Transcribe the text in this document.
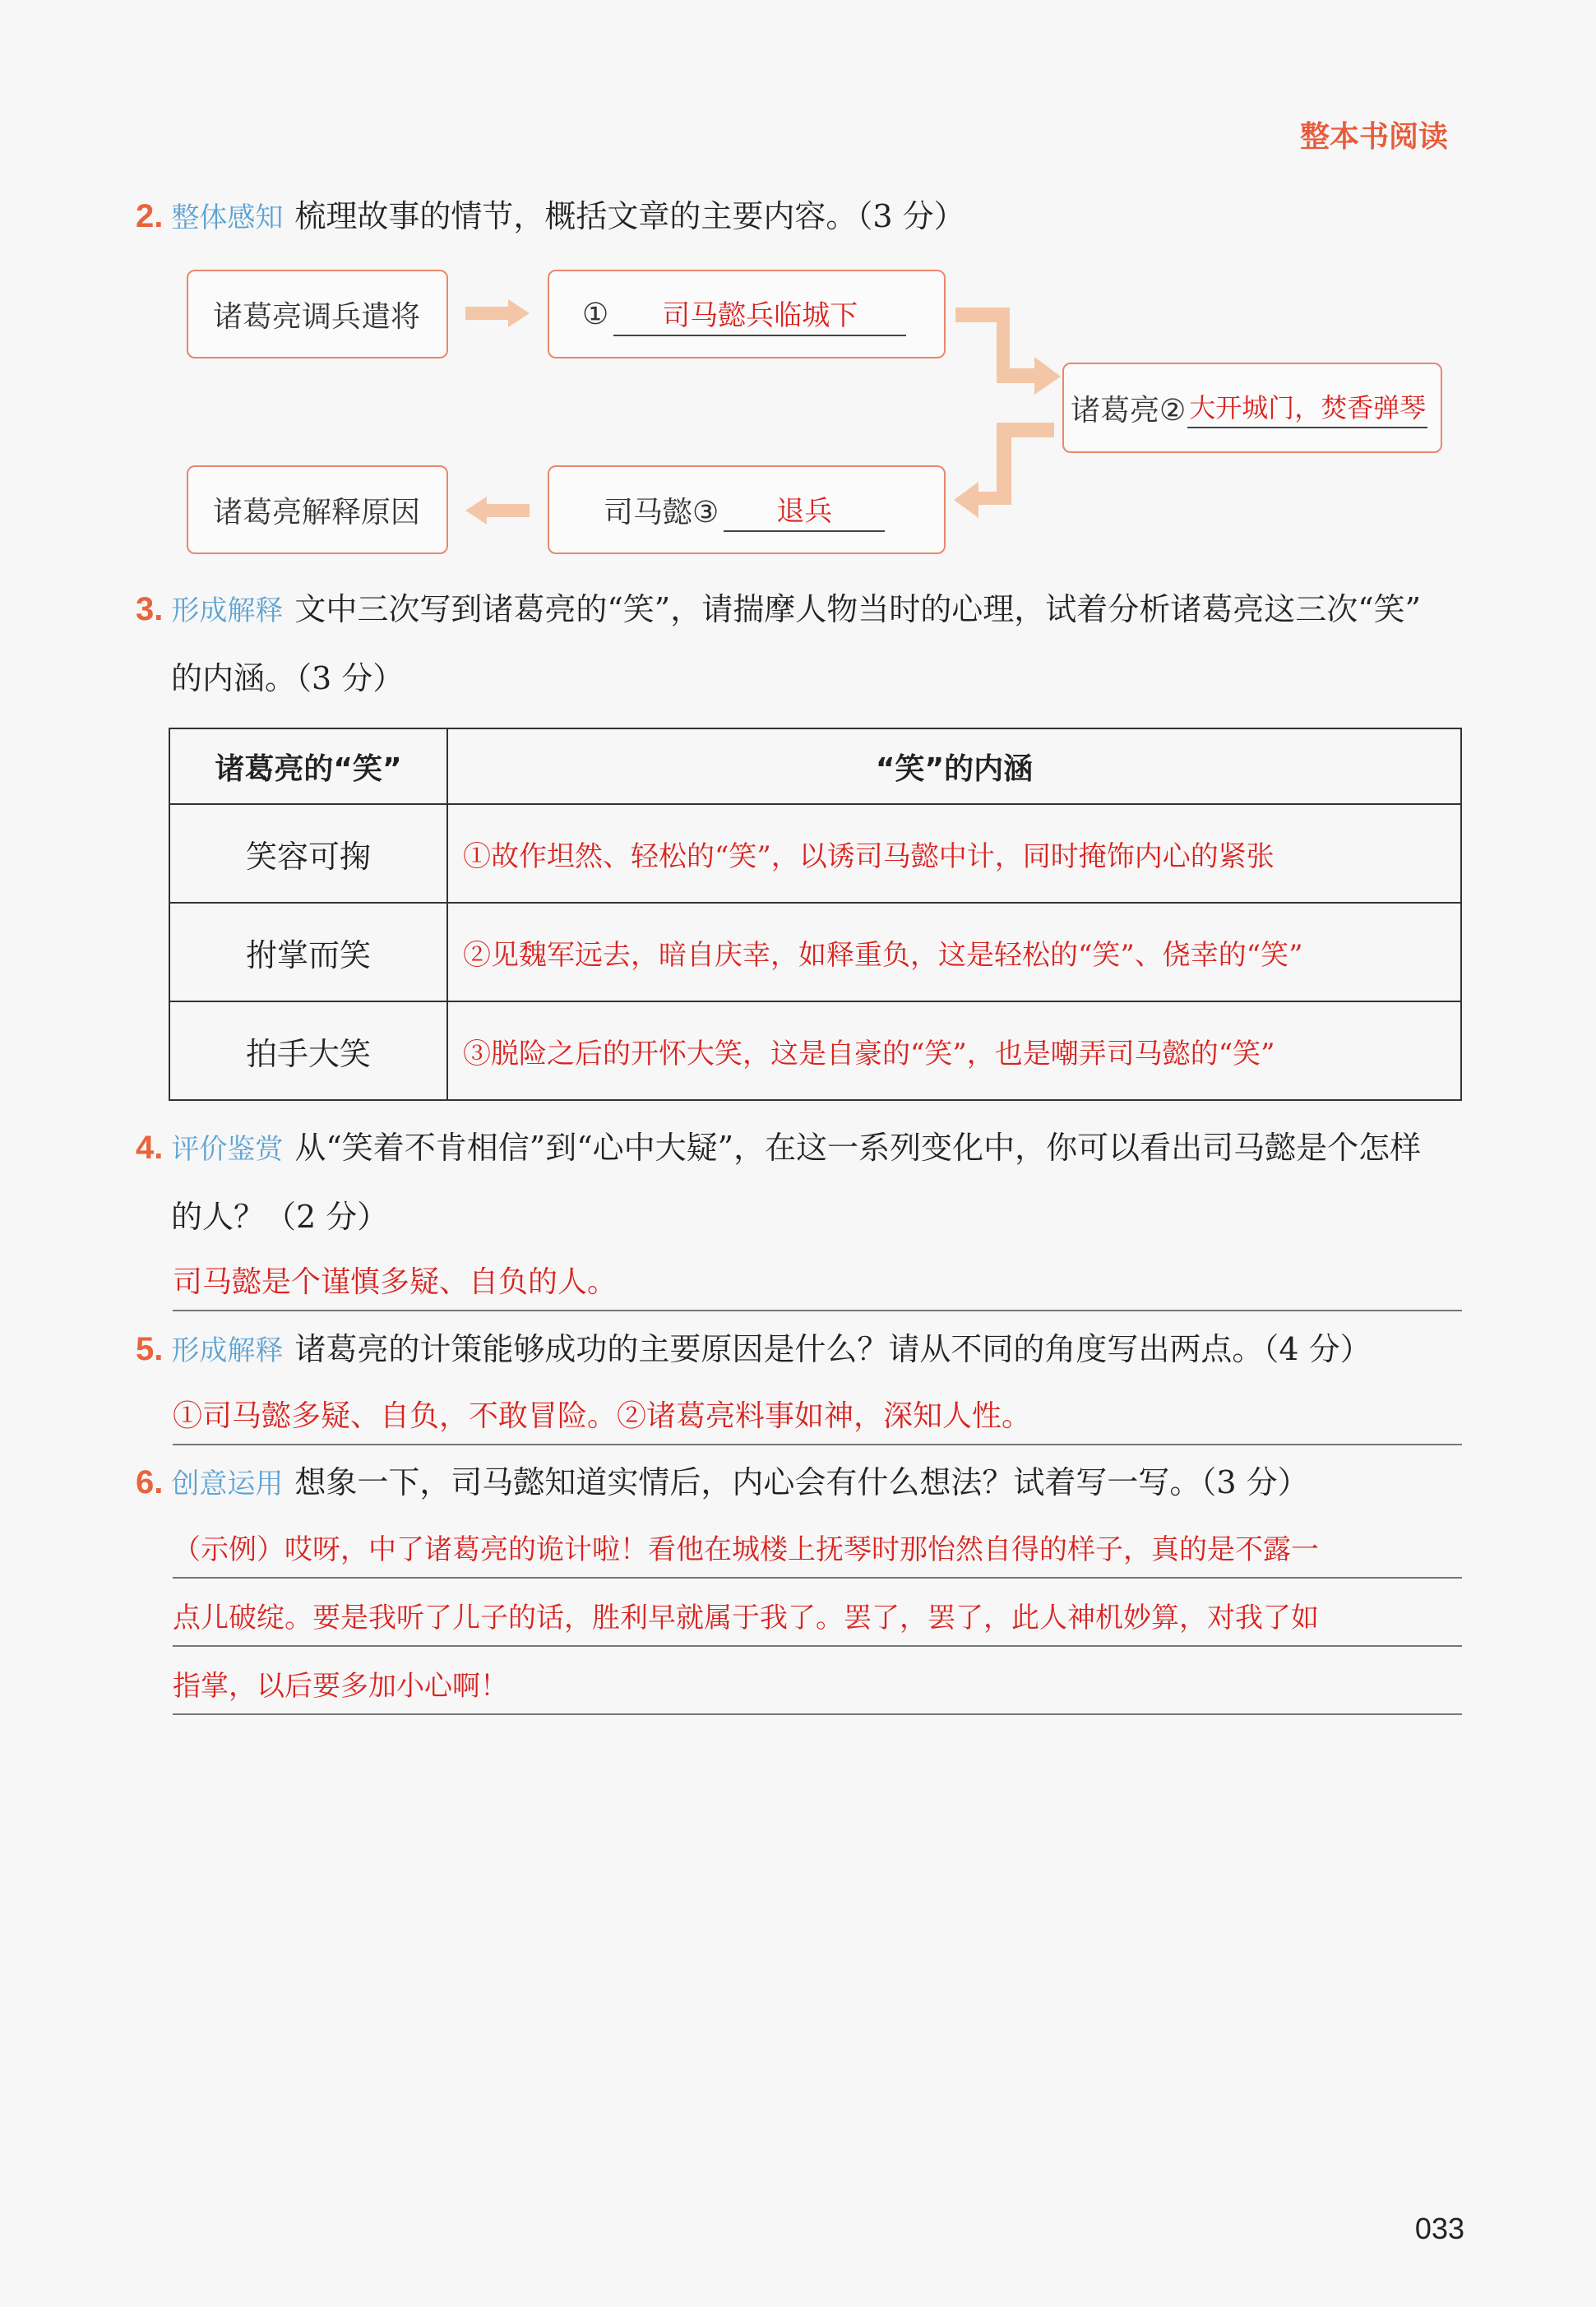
整本书阅读
2. 整体感知 梳理故事的情节，概括文章的主要内容。（3 分）
诸葛亮调兵遣将	①	司马懿兵临城下
诸葛亮② 大开城门，焚香弹琴
司马懿③	退兵
诸葛亮解释原因
3. 形成解释 文中三次写到诸葛亮的“笑”，请揣摩人物当时的心理，试着分析诸葛亮这三次“笑”
的内涵。（3 分）
诸葛亮的“笑”	“笑”的内涵
笑容可掬	①故作坦然、轻松的“笑”，以诱司马懿中计，同时掩饰内心的紧张
拊掌而笑	②见魏军远去，暗自庆幸，如释重负，这是轻松的“笑”、侥幸的“笑”
拍手大笑	③脱险之后的开怀大笑，这是自豪的“笑”，也是嘲弄司马懿的“笑”
4. 评价鉴赏 从“笑着不肯相信”到“心中大疑”，在这一系列变化中，你可以看出司马懿是个怎样
的人？（2 分）
司马懿是个谨慎多疑、自负的人。
5. 形成解释 诸葛亮的计策能够成功的主要原因是什么？请从不同的角度写出两点。（4 分）
①司马懿多疑、自负，不敢冒险。②诸葛亮料事如神，深知人性。
6. 创意运用 想象一下，司马懿知道实情后，内心会有什么想法？试着写一写。（3 分）
（示例）哎呀，中了诸葛亮的诡计啦！看他在城楼上抚琴时那怡然自得的样子，真的是不露一
点儿破绽。要是我听了儿子的话，胜利早就属于我了。罢了，罢了，此人神机妙算，对我了如
指掌，以后要多加小心啊！
033
